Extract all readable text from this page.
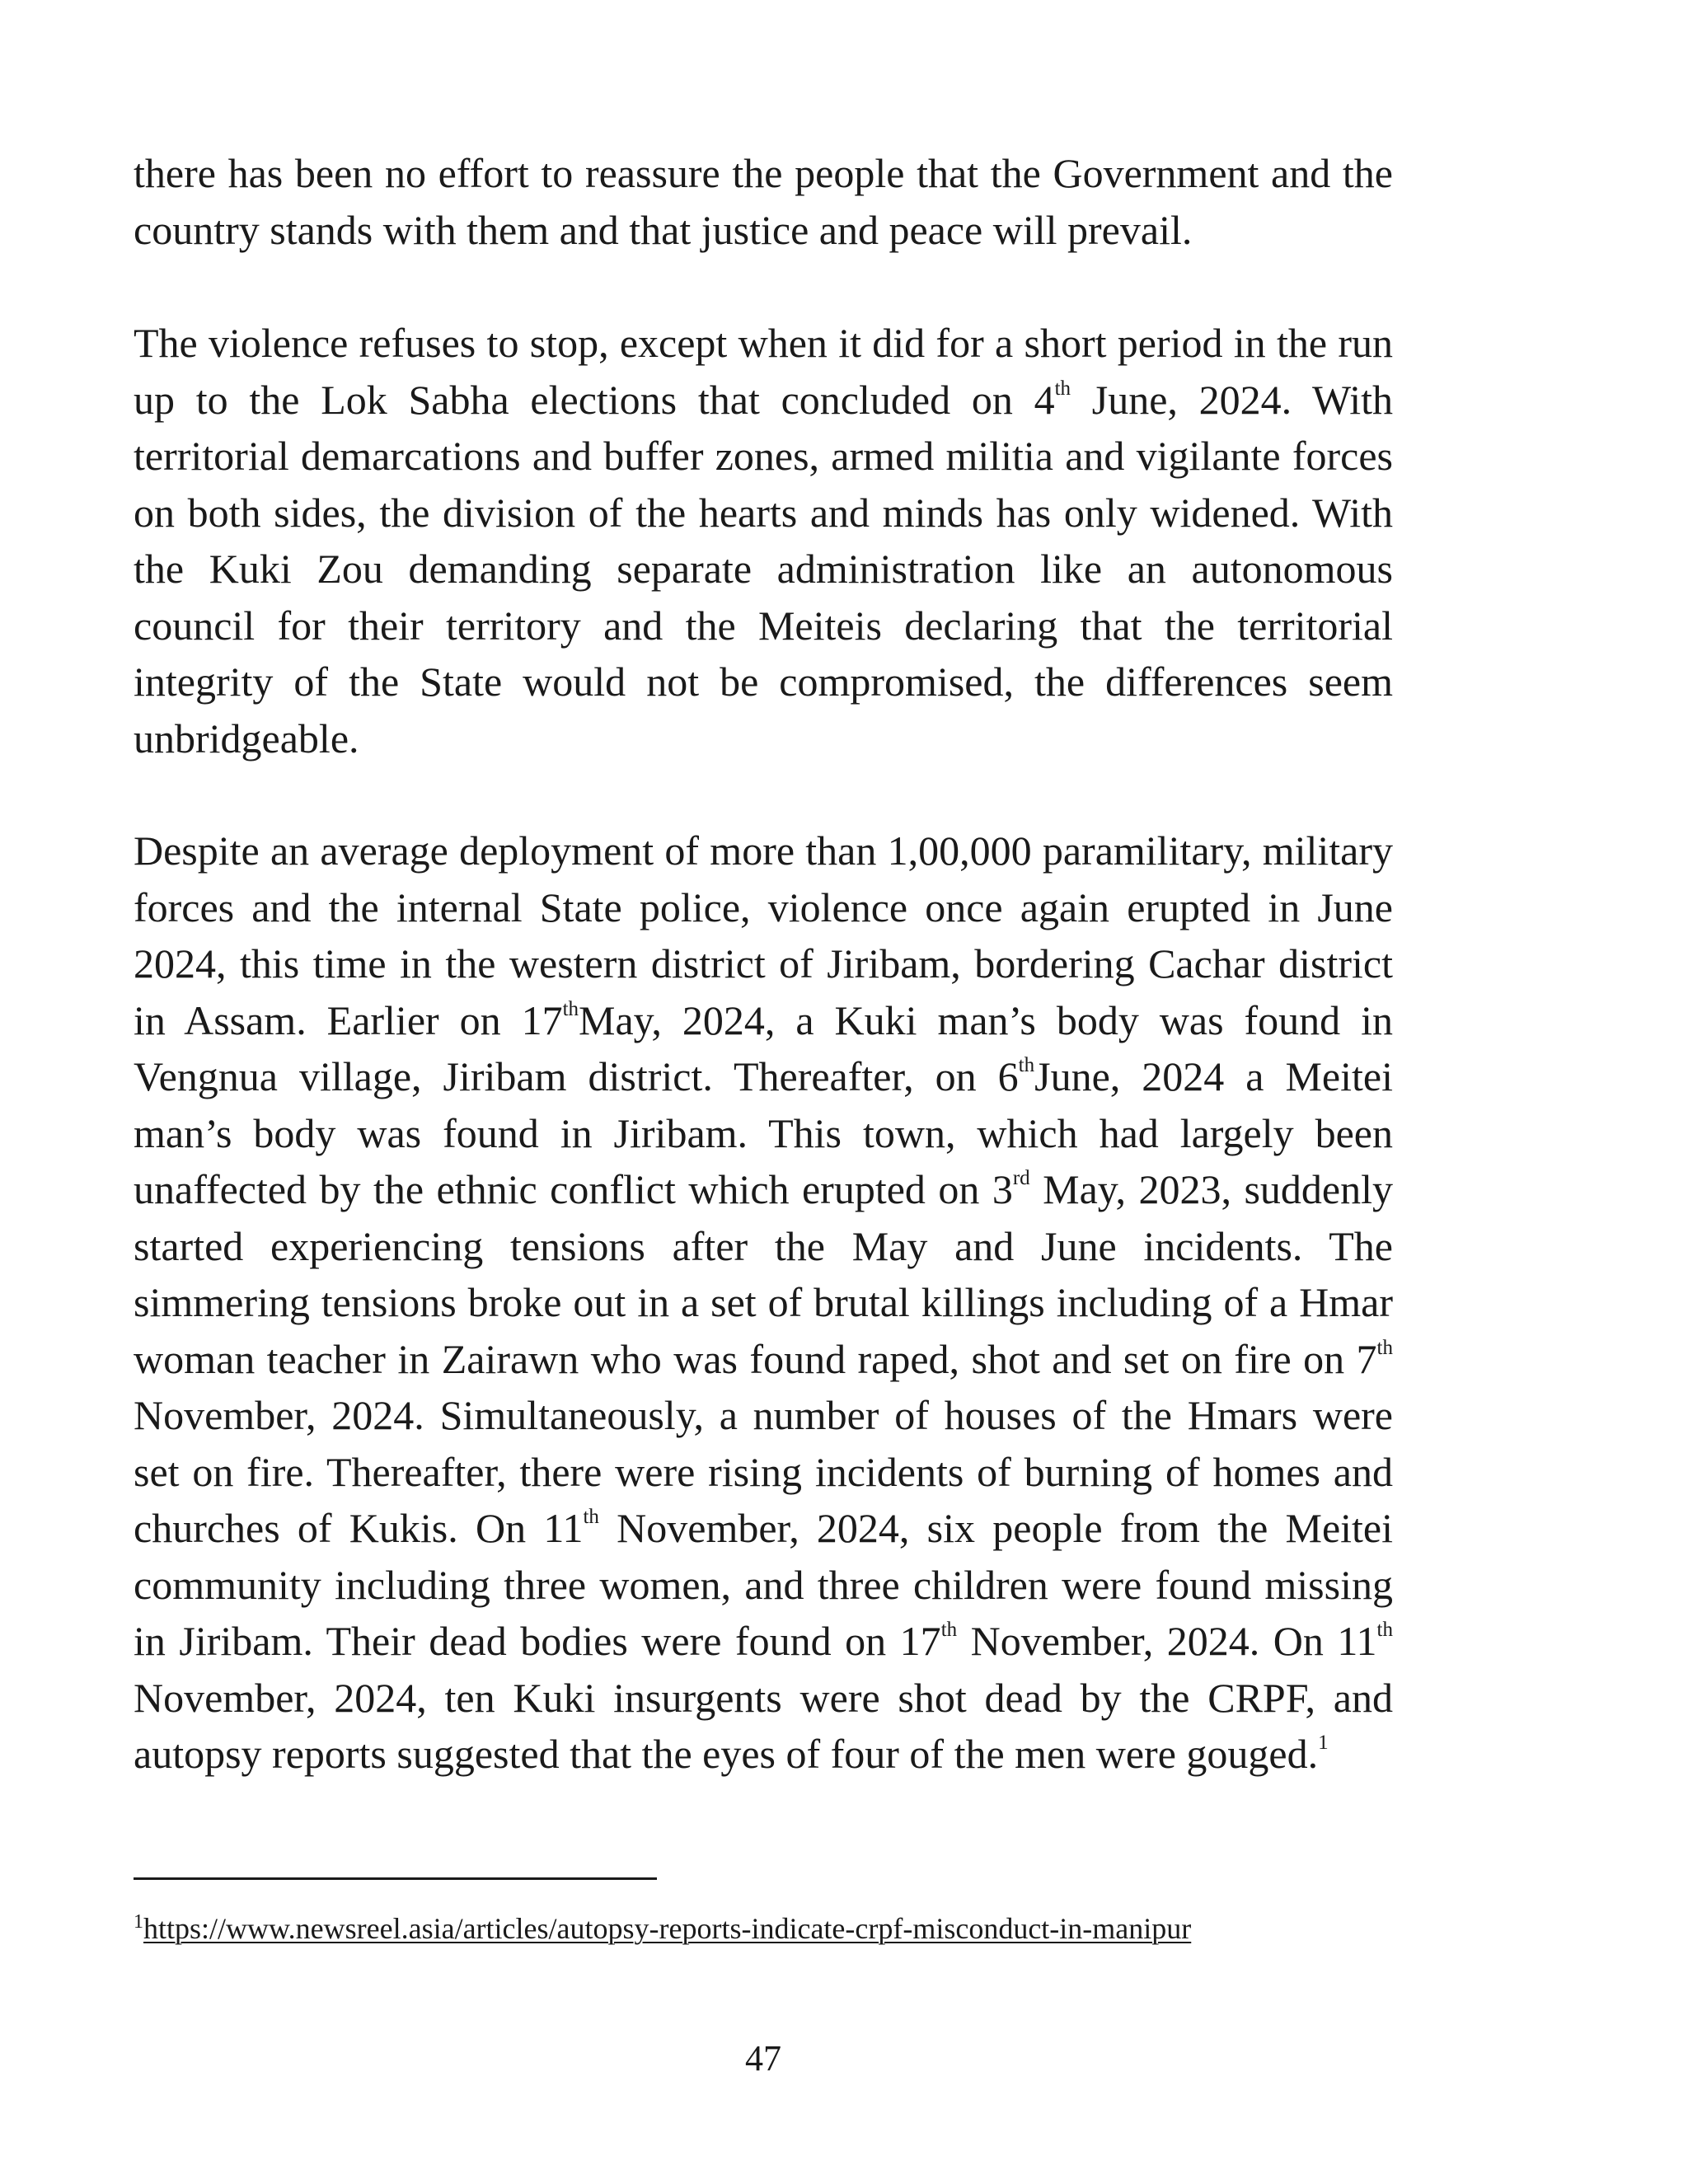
there has been no effort to reassure the people that the Government and the country stands with them and that justice and peace will prevail.

The violence refuses to stop, except when it did for a short period in the run up to the Lok Sabha elections that concluded on 4th June, 2024. With territorial demarcations and buffer zones, armed militia and vigilante forces on both sides, the division of the hearts and minds has only widened. With the Kuki Zou demanding separate administration like an autonomous council for their territory and the Meiteis declaring that the territorial integrity of the State would not be compromised, the differences seem unbridgeable.

Despite an average deployment of more than 1,00,000 paramilitary, military forces and the internal State police, violence once again erupted in June 2024, this time in the western district of Jiribam, bordering Cachar district in Assam. Earlier on 17thMay, 2024, a Kuki man’s body was found in Vengnua village, Jiribam district. Thereafter, on 6thJune, 2024 a Meitei man’s body was found in Jiribam. This town, which had largely been unaffected by the ethnic conflict which erupted on 3rd May, 2023, suddenly started experiencing tensions after the May and June incidents. The simmering tensions broke out in a set of brutal killings including of a Hmar woman teacher in Zairawn who was found raped, shot and set on fire on 7th November, 2024. Simultaneously, a number of houses of the Hmars were set on fire. Thereafter, there were rising incidents of burning of homes and churches of Kukis. On 11th November, 2024, six people from the Meitei community including three women, and three children were found missing in Jiribam. Their dead bodies were found on 17th November, 2024. On 11th November, 2024, ten Kuki insurgents were shot dead by the CRPF, and autopsy reports suggested that the eyes of four of the men were gouged.$^1$

$^1$https://www.newsreel.asia/articles/autopsy-reports-indicate-crpf-misconduct-in-manipur

47
